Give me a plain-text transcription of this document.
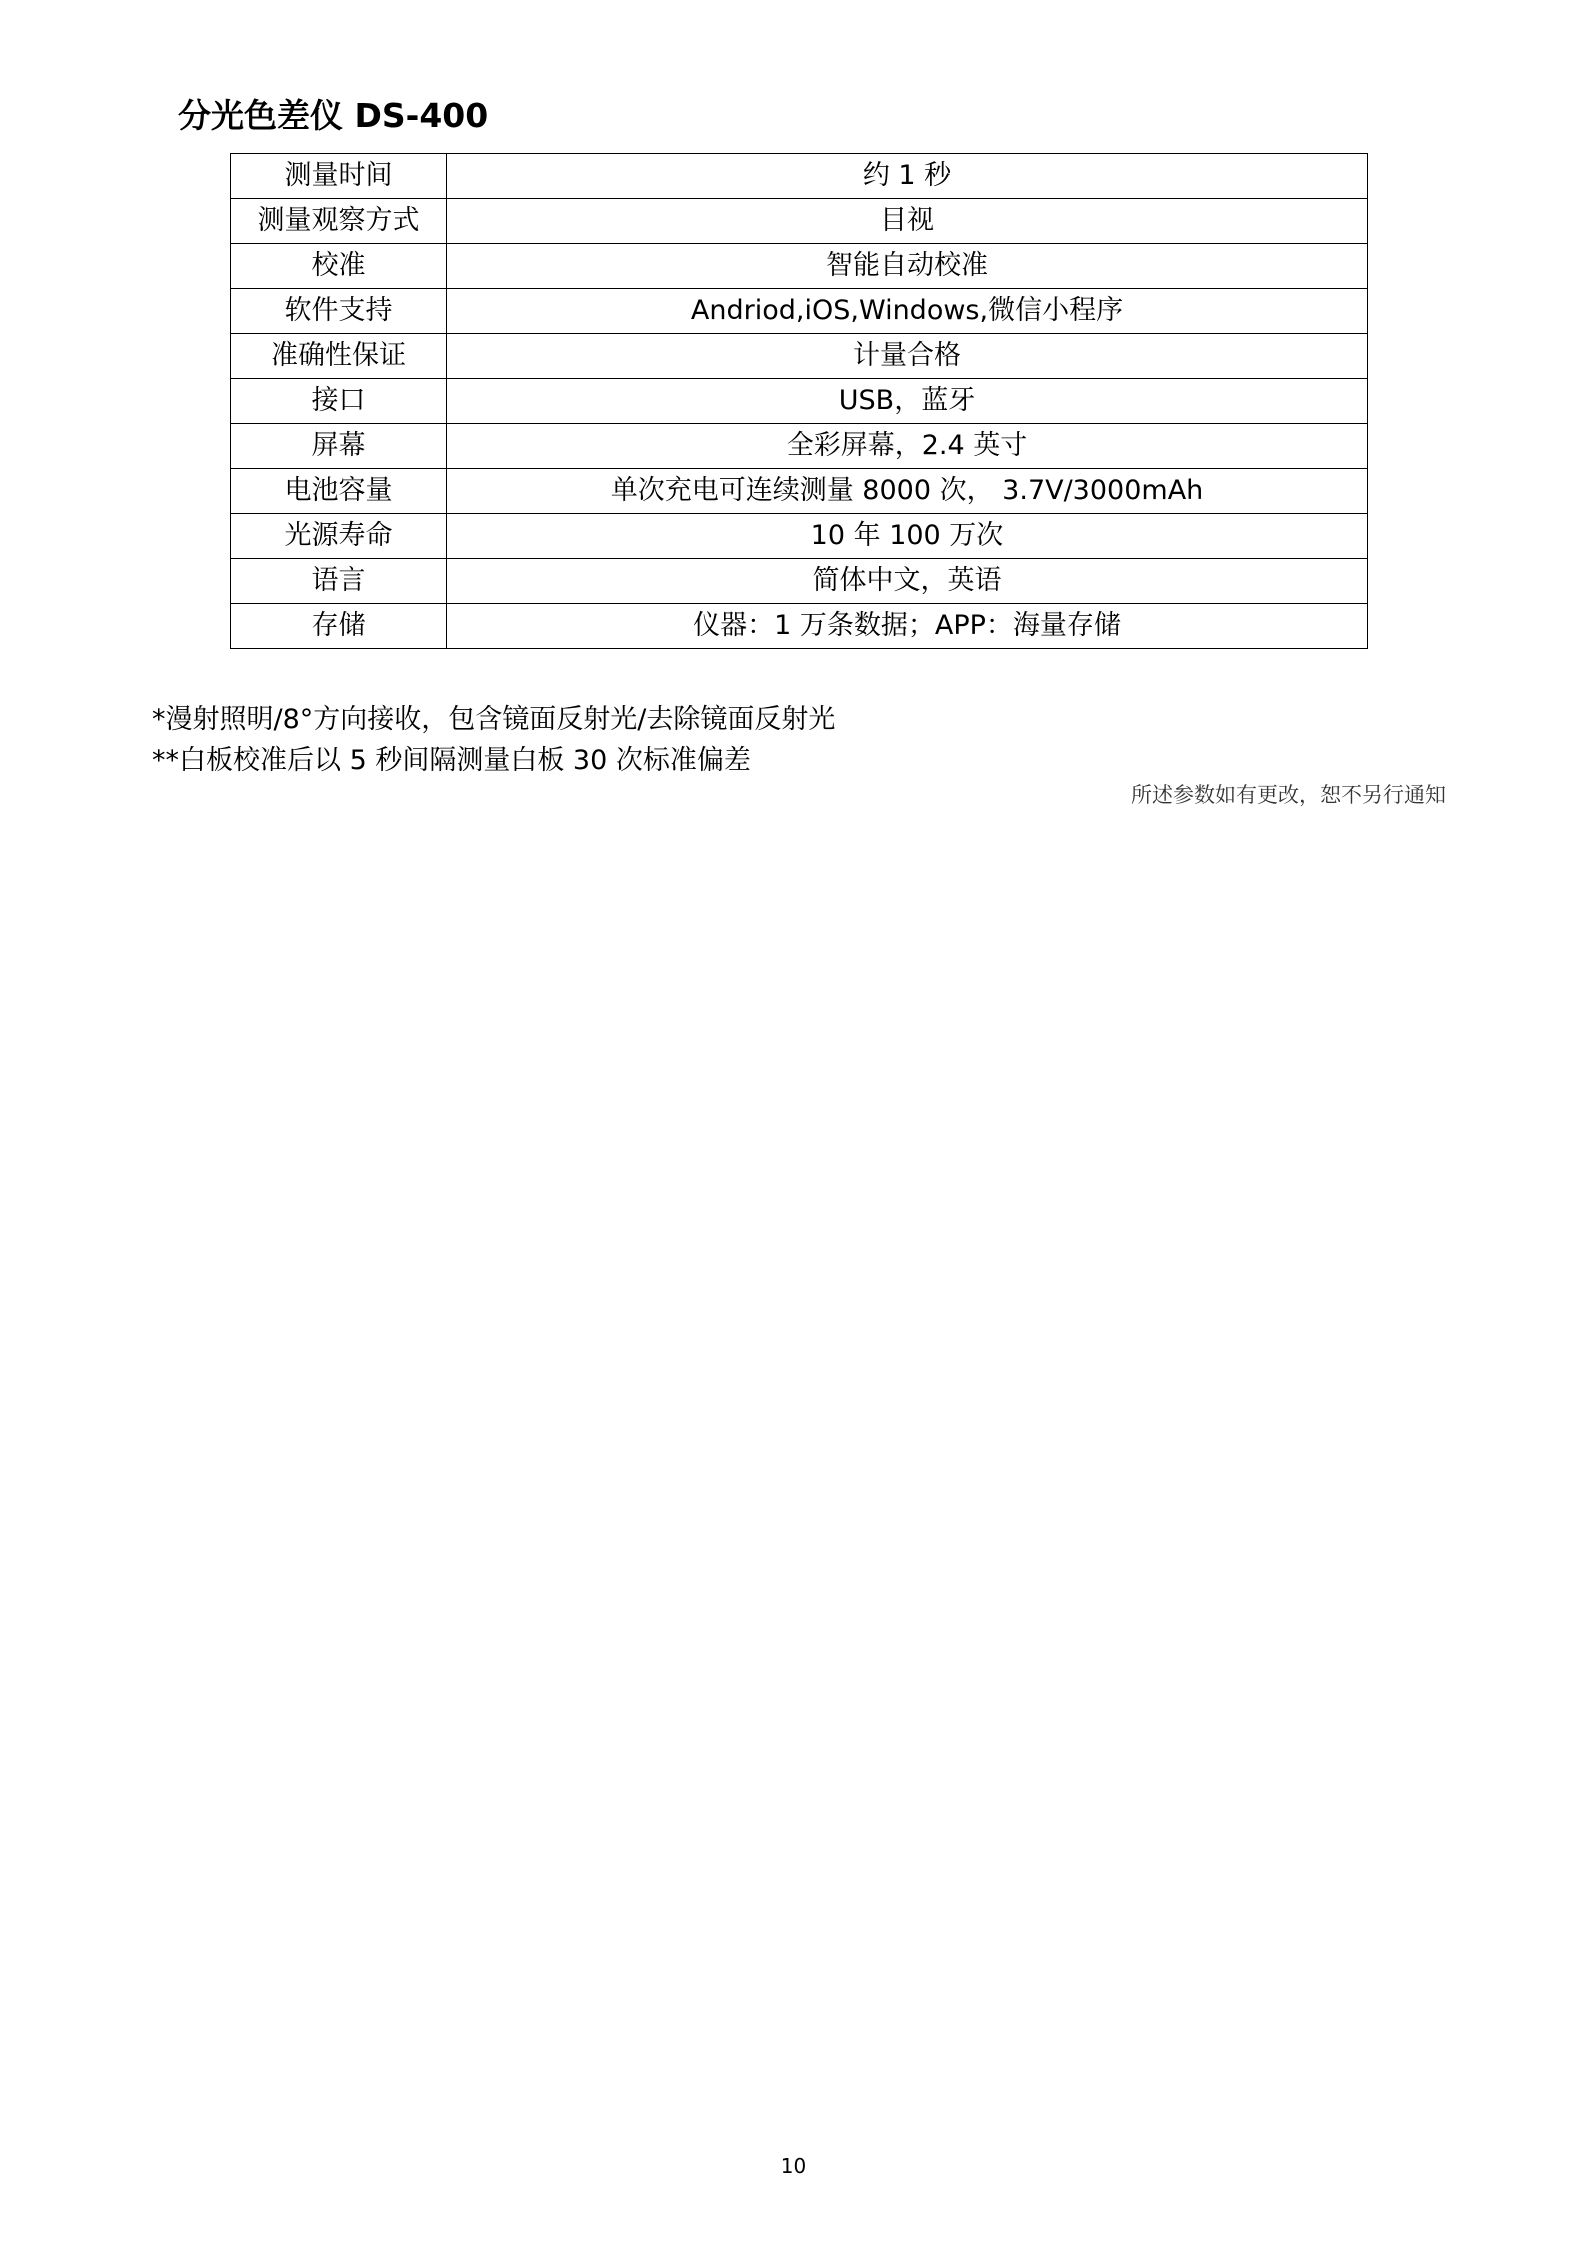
分光色差仪 DS-400
测量时间	约 1 秒
测量观察方式	目视
校准	智能自动校准
软件支持	Andriod,iOS,Windows,微信小程序
准确性保证	计量合格
接口	USB，蓝牙
屏幕	全彩屏幕，2.4 英寸
电池容量	单次充电可连续测量 8000 次， 3.7V/3000mAh
光源寿命	10 年 100 万次
语言	简体中文，英语
存储	仪器：1 万条数据；APP：海量存储
*漫射照明/8°方向接收，包含镜面反射光/去除镜面反射光
**白板校准后以 5 秒间隔测量白板 30 次标准偏差
所述参数如有更改，恕不另行通知
10
